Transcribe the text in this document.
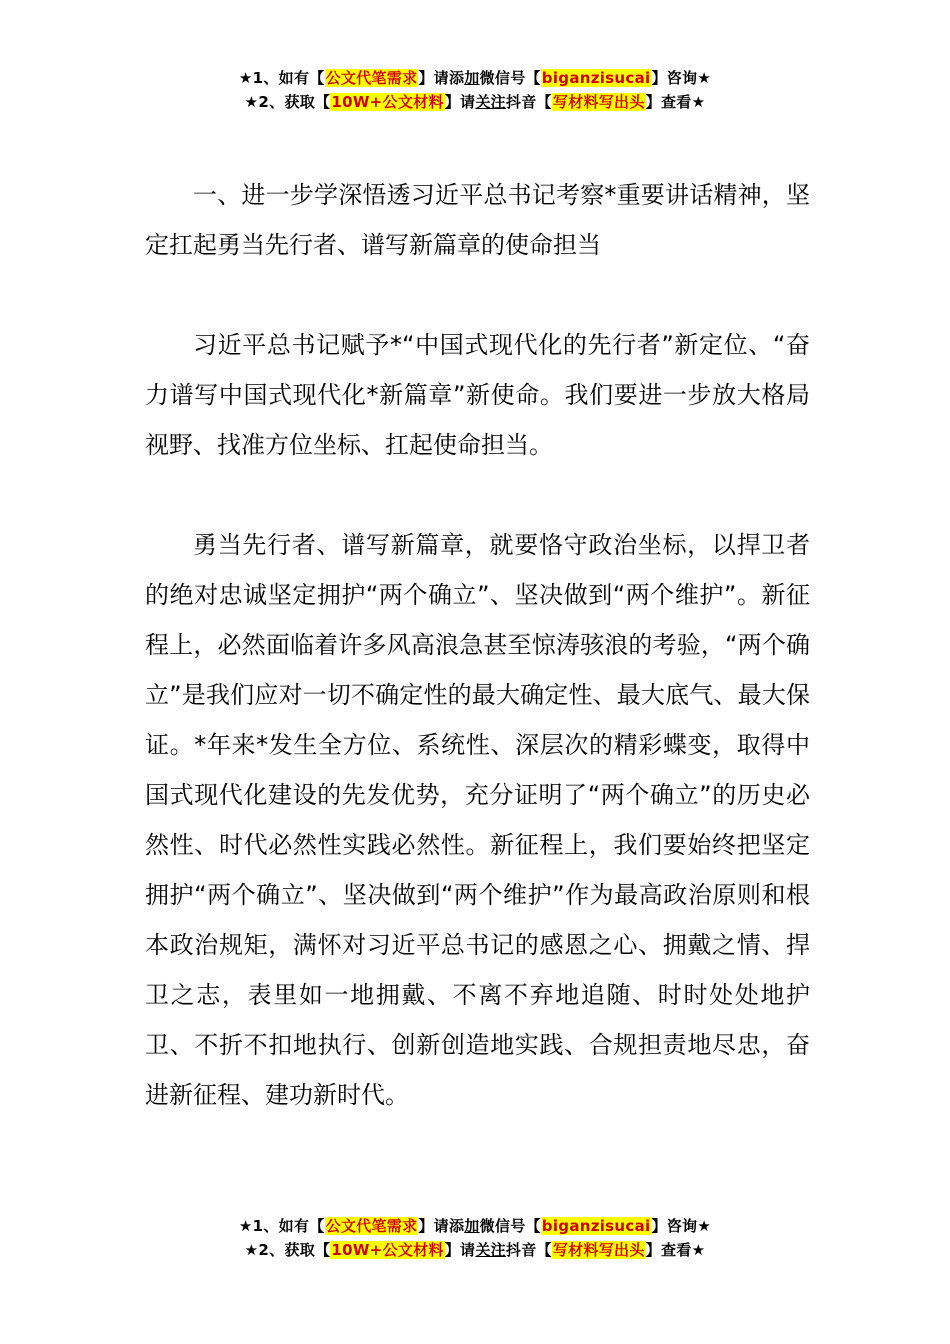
★1、如有【公文代笔需求】请添加微信号【biganzisucai】咨询★
★2、获取【10W+公文材料】请关注抖音【写材料写出头】查看★

一、进一步学深悟透习近平总书记考察*重要讲话精神，坚定扛起勇当先行者、谱写新篇章的使命担当

习近平总书记赋予*“中国式现代化的先行者”新定位、“奋力谱写中国式现代化*新篇章”新使命。我们要进一步放大格局视野、找准方位坐标、扛起使命担当。

勇当先行者、谱写新篇章，就要恪守政治坐标，以捍卫者的绝对忠诚坚定拥护“两个确立”、坚决做到“两个维护”。新征程上，必然面临着许多风高浪急甚至惊涛骇浪的考验，“两个确立”是我们应对一切不确定性的最大确定性、最大底气、最大保证。*年来*发生全方位、系统性、深层次的精彩蝶变，取得中国式现代化建设的先发优势，充分证明了“两个确立”的历史必然性、时代必然性实践必然性。新征程上，我们要始终把坚定拥护“两个确立”、坚决做到“两个维护”作为最高政治原则和根本政治规矩，满怀对习近平总书记的感恩之心、拥戴之情、捍卫之志，表里如一地拥戴、不离不弃地追随、时时处处地护卫、不折不扣地执行、创新创造地实践、合规担责地尽忠，奋进新征程、建功新时代。

★1、如有【公文代笔需求】请添加微信号【biganzisucai】咨询★
★2、获取【10W+公文材料】请关注抖音【写材料写出头】查看★
